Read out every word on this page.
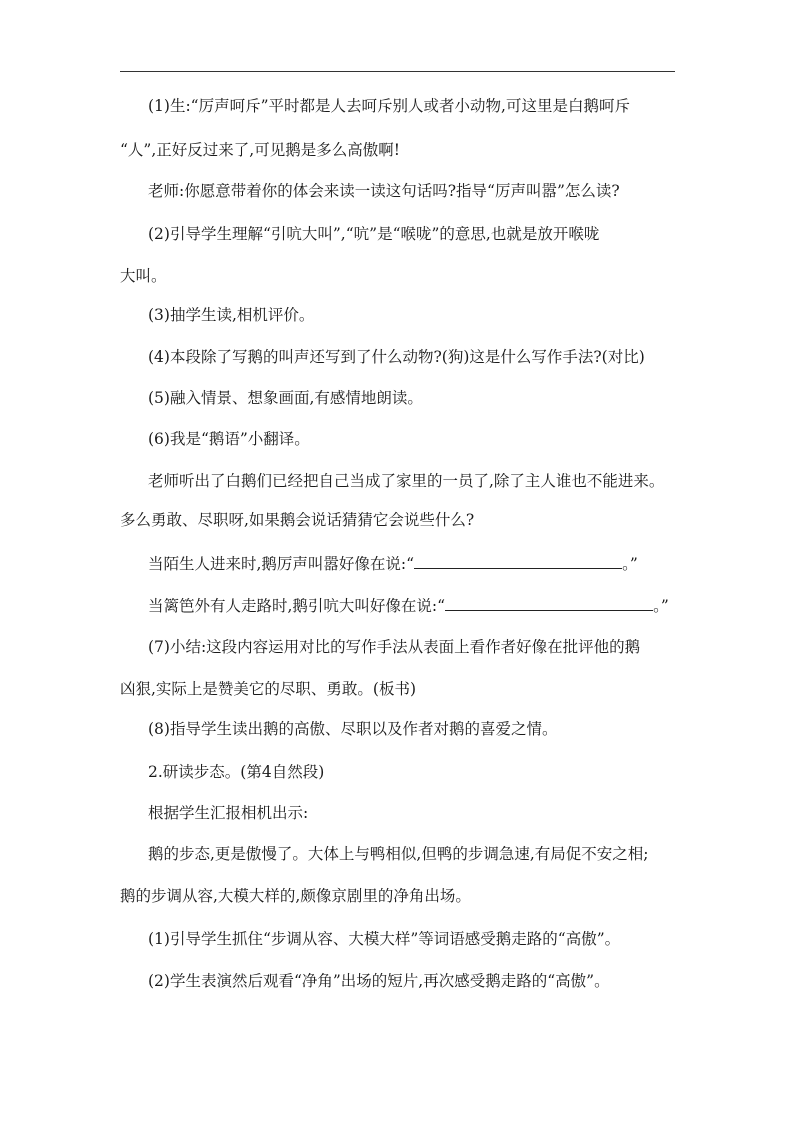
(1)生:“厉声呵斥”平时都是人去呵斥别人或者小动物,可这里是白鹅呵斥
“人”,正好反过来了,可见鹅是多么高傲啊!
老师:你愿意带着你的体会来读一读这句话吗?指导“厉声叫嚣”怎么读?
(2)引导学生理解“引吭大叫”,“吭”是“喉咙”的意思,也就是放开喉咙
大叫。
(3)抽学生读,相机评价。
(4)本段除了写鹅的叫声还写到了什么动物?(狗)这是什么写作手法?(对比)
(5)融入情景、想象画面,有感情地朗读。
(6)我是“鹅语”小翻译。
老师听出了白鹅们已经把自己当成了家里的一员了,除了主人谁也不能进来。
多么勇敢、尽职呀,如果鹅会说话猜猜它会说些什么?
当陌生人进来时,鹅厉声叫嚣好像在说:“	。”
当篱笆外有人走路时,鹅引吭大叫好像在说:“	。”
(7)小结:这段内容运用对比的写作手法从表面上看作者好像在批评他的鹅
凶狠,实际上是赞美它的尽职、勇敢。(板书)
(8)指导学生读出鹅的高傲、尽职以及作者对鹅的喜爱之情。
2.研读步态。(第4自然段)
根据学生汇报相机出示:
鹅的步态,更是傲慢了。大体上与鸭相似,但鸭的步调急速,有局促不安之相;
鹅的步调从容,大模大样的,颇像京剧里的净角出场。
(1)引导学生抓住“步调从容、大模大样”等词语感受鹅走路的“高傲”。
(2)学生表演然后观看“净角”出场的短片,再次感受鹅走路的“高傲”。
